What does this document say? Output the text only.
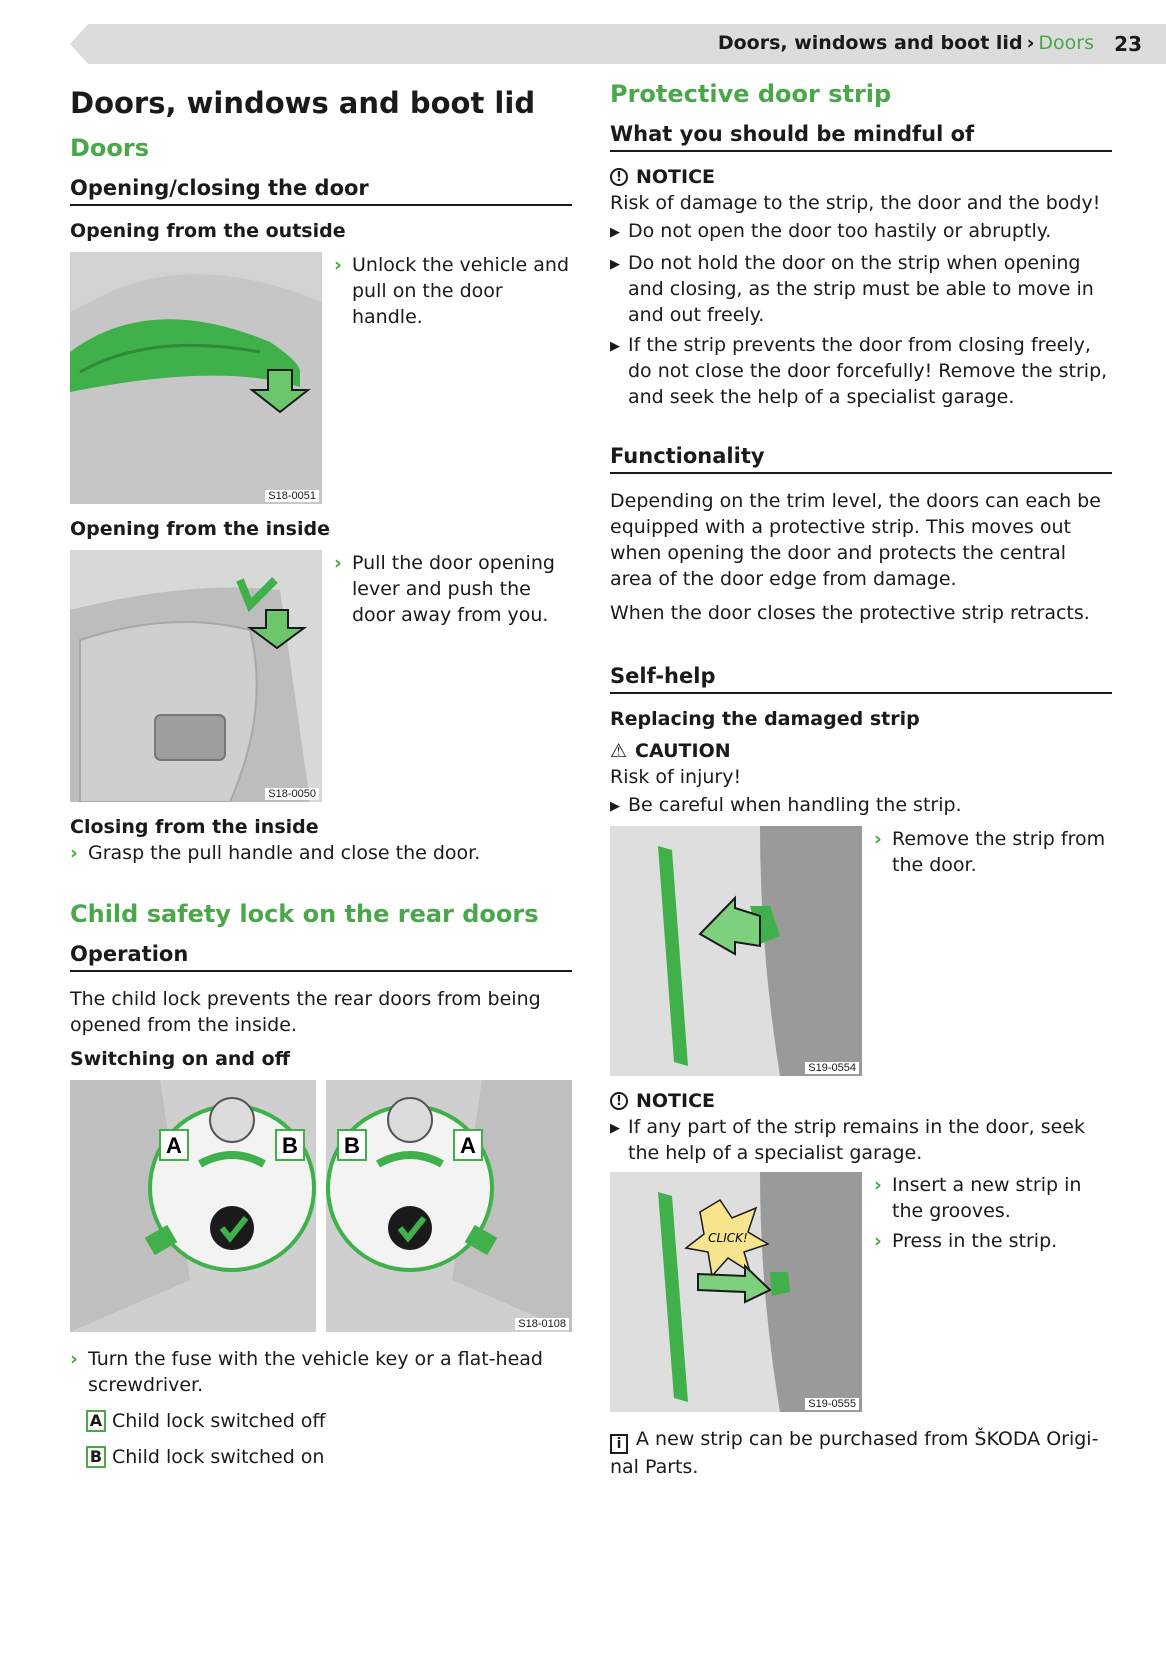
Doors, windows and boot lid › Doors 23
Doors, windows and boot lid
Doors
Opening/closing the door
Opening from the outside
S18-0051
› Unlock the vehicle and pull on the door handle.
Opening from the inside
S18-0050
› Pull the door opening lever and push the door away from you.
Closing from the inside
› Grasp the pull handle and close the door.
Child safety lock on the rear doors
Operation

The child lock prevents the rear doors from being opened from the inside.

Switching on and off
A	B B	A
S18-0108
› Turn the fuse with the vehicle key or a flat-head screwdriver.
A Child lock switched off
B Child lock switched on
Protective door strip
What you should be mindful of
! NOTICE

Risk of damage to the strip, the door and the body!

▶ Do not open the door too hastily or abruptly.
▶ Do not hold the door on the strip when opening and closing, as the strip must be able to move in and out freely.
▶ If the strip prevents the door from closing freely, do not close the door forcefully! Remove the strip, and seek the help of a specialist garage.
Functionality

Depending on the trim level, the doors can each be equipped with a protective strip. This moves out when opening the door and protects the central area of the door edge from damage.

When the door closes the protective strip retracts.

Self-help
Replacing the damaged strip
⚠ CAUTION

Risk of injury!

▶ Be careful when handling the strip.
S19-0554
› Remove the strip from the door.
! NOTICE
▶ If any part of the strip remains in the door, seek the help of a specialist garage.
CLICK!
S19-0555
› Insert a new strip in the grooves.
› Press in the strip.

i A new strip can be purchased from ŠKODA Origi-nal Parts.
